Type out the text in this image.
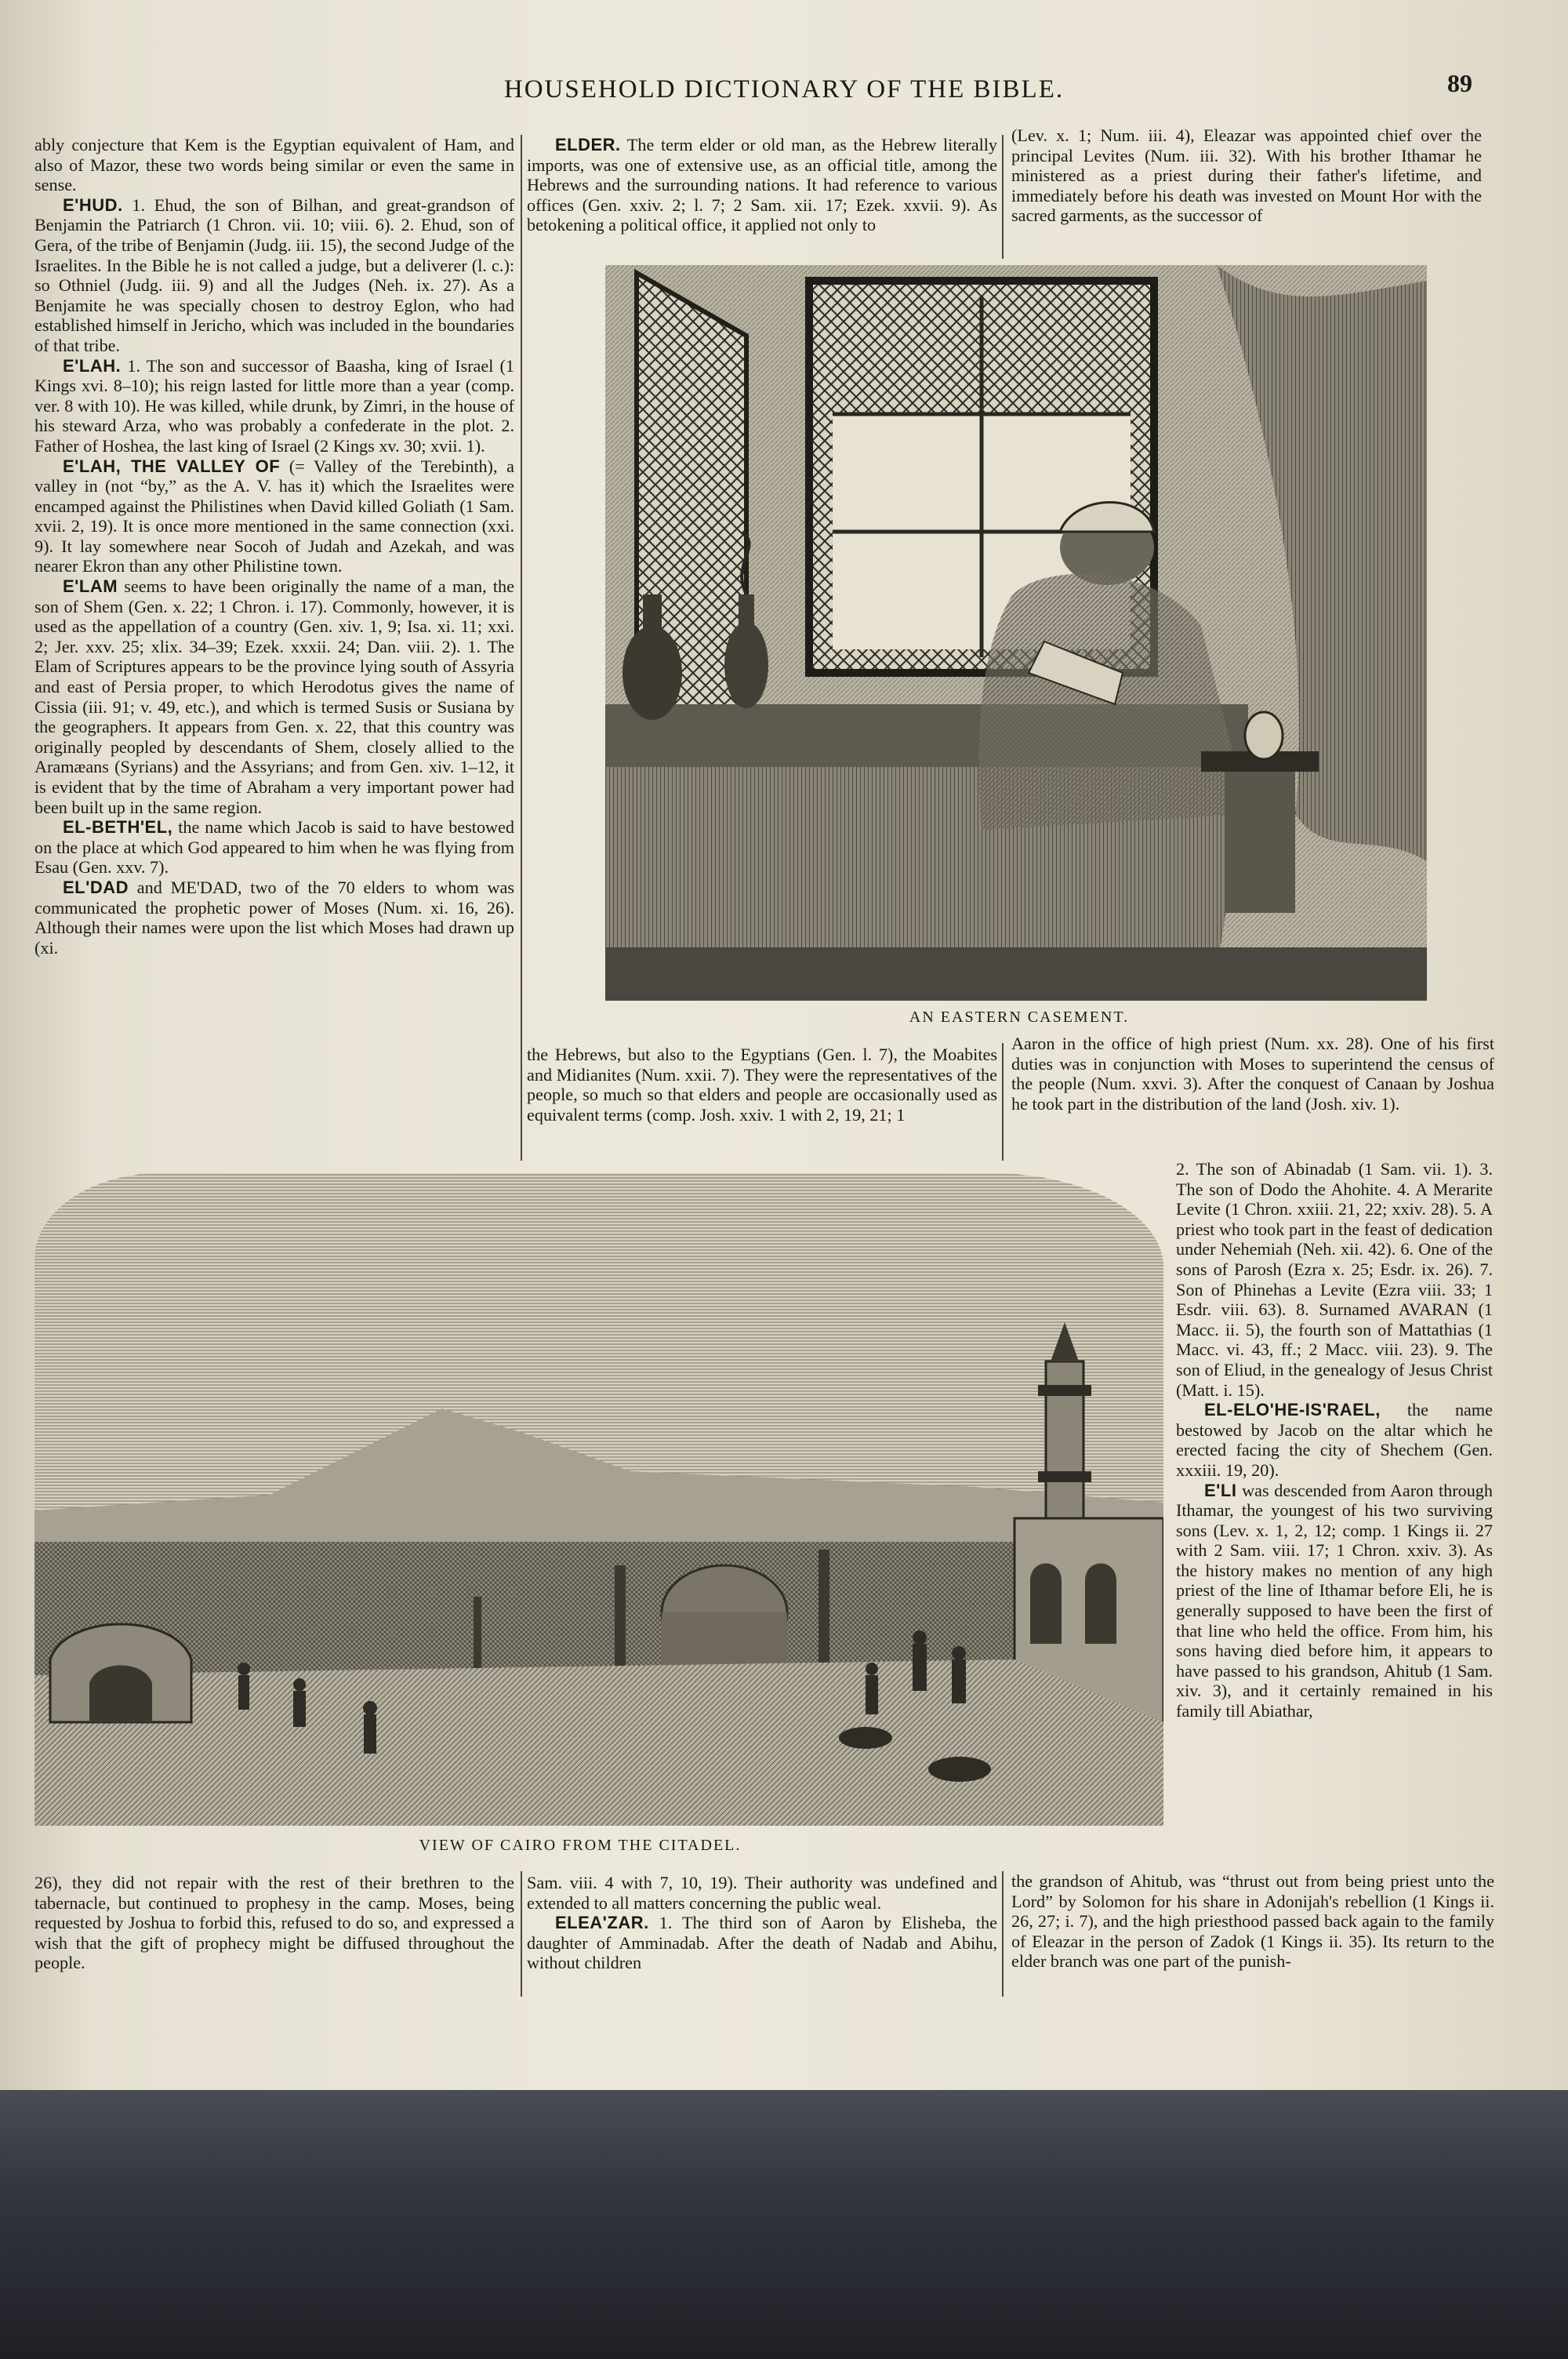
HOUSEHOLD DICTIONARY OF THE BIBLE.	89

ably conjecture that Kem is the Egyptian equivalent of Ham, and also of Mazor, these two words being similar or even the same in sense.

E'HUD. 1. Ehud, the son of Bilhan, and great-grandson of Benjamin the Patriarch (1 Chron. vii. 10; viii. 6). 2. Ehud, son of Gera, of the tribe of Benjamin (Judg. iii. 15), the second Judge of the Israelites. In the Bible he is not called a judge, but a deliverer (l. c.): so Othniel (Judg. iii. 9) and all the Judges (Neh. ix. 27). As a Benjamite he was specially chosen to destroy Eglon, who had established himself in Jericho, which was included in the boundaries of that tribe.

E'LAH. 1. The son and successor of Baasha, king of Israel (1 Kings xvi. 8–10); his reign lasted for little more than a year (comp. ver. 8 with 10). He was killed, while drunk, by Zimri, in the house of his steward Arza, who was probably a confederate in the plot. 2. Father of Hoshea, the last king of Israel (2 Kings xv. 30; xvii. 1).

E'LAH, THE VALLEY OF (= Valley of the Terebinth), a valley in (not “by,” as the A. V. has it) which the Israelites were encamped against the Philistines when David killed Goliath (1 Sam. xvii. 2, 19). It is once more mentioned in the same connection (xxi. 9). It lay somewhere near Socoh of Judah and Azekah, and was nearer Ekron than any other Philistine town.

E'LAM seems to have been originally the name of a man, the son of Shem (Gen. x. 22; 1 Chron. i. 17). Commonly, however, it is used as the appellation of a country (Gen. xiv. 1, 9; Isa. xi. 11; xxi. 2; Jer. xxv. 25; xlix. 34–39; Ezek. xxxii. 24; Dan. viii. 2). 1. The Elam of Scriptures appears to be the province lying south of Assyria and east of Persia proper, to which Herodotus gives the name of Cissia (iii. 91; v. 49, etc.), and which is termed Susis or Susiana by the geographers. It appears from Gen. x. 22, that this country was originally peopled by descendants of Shem, closely allied to the Aramæans (Syrians) and the Assyrians; and from Gen. xiv. 1–12, it is evident that by the time of Abraham a very important power had been built up in the same region.

EL-BETH'EL, the name which Jacob is said to have bestowed on the place at which God appeared to him when he was flying from Esau (Gen. xxv. 7).

EL'DAD and ME'DAD, two of the 70 elders to whom was communicated the prophetic power of Moses (Num. xi. 16, 26). Although their names were upon the list which Moses had drawn up (xi.

ELDER. The term elder or old man, as the Hebrew literally imports, was one of extensive use, as an official title, among the Hebrews and the surrounding nations. It had reference to various offices (Gen. xxiv. 2; l. 7; 2 Sam. xii. 17; Ezek. xxvii. 9). As betokening a political office, it applied not only to

(Lev. x. 1; Num. iii. 4), Eleazar was appointed chief over the principal Levites (Num. iii. 32). With his brother Ithamar he ministered as a priest during their father's lifetime, and immediately before his death was invested on Mount Hor with the sacred garments, as the successor of

AN EASTERN CASEMENT.

the Hebrews, but also to the Egyptians (Gen. l. 7), the Moabites and Midianites (Num. xxii. 7). They were the representatives of the people, so much so that elders and people are occasionally used as equivalent terms (comp. Josh. xxiv. 1 with 2, 19, 21; 1

Aaron in the office of high priest (Num. xx. 28). One of his first duties was in conjunction with Moses to superintend the census of the people (Num. xxvi. 3). After the conquest of Canaan by Joshua he took part in the distribution of the land (Josh. xiv. 1).

VIEW OF CAIRO FROM THE CITADEL.

2. The son of Abinadab (1 Sam. vii. 1). 3. The son of Dodo the Ahohite. 4. A Merarite Levite (1 Chron. xxiii. 21, 22; xxiv. 28). 5. A priest who took part in the feast of dedication under Nehemiah (Neh. xii. 42). 6. One of the sons of Parosh (Ezra x. 25; Esdr. ix. 26). 7. Son of Phinehas a Levite (Ezra viii. 33; 1 Esdr. viii. 63). 8. Surnamed AVARAN (1 Macc. ii. 5), the fourth son of Mattathias (1 Macc. vi. 43, ff.; 2 Macc. viii. 23). 9. The son of Eliud, in the genealogy of Jesus Christ (Matt. i. 15).

EL-ELO'HE-IS'RAEL, the name bestowed by Jacob on the altar which he erected facing the city of Shechem (Gen. xxxiii. 19, 20).

E'LI was descended from Aaron through Ithamar, the youngest of his two surviving sons (Lev. x. 1, 2, 12; comp. 1 Kings ii. 27 with 2 Sam. viii. 17; 1 Chron. xxiv. 3). As the history makes no mention of any high priest of the line of Ithamar before Eli, he is generally supposed to have been the first of that line who held the office. From him, his sons having died before him, it appears to have passed to his grandson, Ahitub (1 Sam. xiv. 3), and it certainly remained in his family till Abiathar,

26), they did not repair with the rest of their brethren to the tabernacle, but continued to prophesy in the camp. Moses, being requested by Joshua to forbid this, refused to do so, and expressed a wish that the gift of prophecy might be diffused throughout the people.

Sam. viii. 4 with 7, 10, 19). Their authority was undefined and extended to all matters concerning the public weal.

ELEA'ZAR. 1. The third son of Aaron by Elisheba, the daughter of Amminadab. After the death of Nadab and Abihu, without children

the grandson of Ahitub, was “thrust out from being priest unto the Lord” by Solomon for his share in Adonijah's rebellion (1 Kings ii. 26, 27; i. 7), and the high priesthood passed back again to the family of Eleazar in the person of Zadok (1 Kings ii. 35). Its return to the elder branch was one part of the punish-
